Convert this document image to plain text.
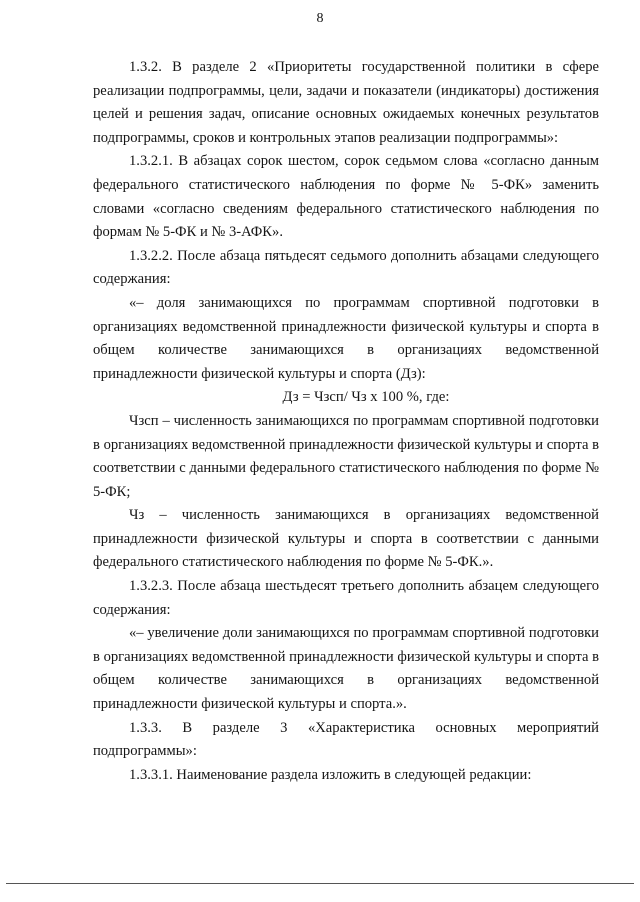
8

1.3.2. В разделе 2 «Приоритеты государственной политики в сфере реализации подпрограммы, цели, задачи и показатели (индикаторы) достижения целей и решения задач, описание основных ожидаемых конечных результатов подпрограммы, сроков и контрольных этапов реализации подпрограммы»:

1.3.2.1. В абзацах сорок шестом, сорок седьмом слова «согласно данным федерального статистического наблюдения по форме № 5-ФК» заменить словами «согласно сведениям федерального статистического наблюдения по формам № 5-ФК и № 3-АФК».

1.3.2.2. После абзаца пятьдесят седьмого дополнить абзацами следующего содержания:

«– доля занимающихся по программам спортивной подготовки в организациях ведомственной принадлежности физической культуры и спорта в общем количестве занимающихся в организациях ведомственной принадлежности физической культуры и спорта (Дз):

Дз = Чзсп/ Чз х 100 %, где:

Чзсп – численность занимающихся по программам спортивной подготовки в организациях ведомственной принадлежности физической культуры и спорта в соответствии с данными федерального статистического наблюдения по форме № 5-ФК;

Чз – численность занимающихся в организациях ведомственной принадлежности физической культуры и спорта в соответствии с данными федерального статистического наблюдения по форме № 5-ФК.».

1.3.2.3. После абзаца шестьдесят третьего дополнить абзацем следующего содержания:

«– увеличение доли занимающихся по программам спортивной подготовки в организациях ведомственной принадлежности физической культуры и спорта в общем количестве занимающихся в организациях ведомственной принадлежности физической культуры и спорта.».

1.3.3. В разделе 3 «Характеристика основных мероприятий подпрограммы»:

1.3.3.1. Наименование раздела изложить в следующей редакции:
